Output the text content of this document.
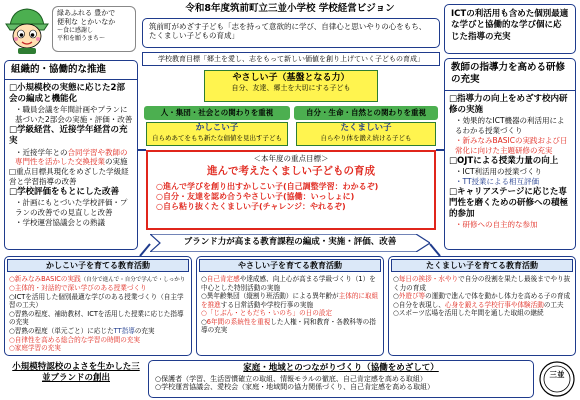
緑あふれる 豊かで
便利な とかいなか
～食に感謝し
平和を願うまち～
令和8年度筑前町立三並小学校 学校経営ビジョン
筑前町がめざす子ども「志を持って意欲的に学び、自律心と思いやりの心をもち、
たくましい子どもの育成」
組織的・協働的な推進
□小規模校の実態に応じた2部会の編成と機能化
・職員会議を年間計画やプランに基づいた2部会の実施・評価・改善
□学級経営、近接学年経営の充実
・近接学年との合同学習や教師の専門性を活かした交換授業の実施
□重点目標具現化をめざした学級経営と学習指導の改善
□学校評価をもとにした改善
・計画にもとづいた学校評価・プランの改善での見直しと改善
・学校運営協議会との熟議
ICTの利活用も含めた個別最適な学びと協働的な学び個に応じた指導の充実
教師の指導力を高める研修の充実
□指導力の向上をめざす校内研修の実施
・効果的なICT機器の利活用によるわかる授業づくり
・新みなみBASICの実践および日常化に向けた主題研修の充実
□OJTによる授業力量の向上
・ICT利活用の授業づくり
・TT授業による相互評価
□キャリアステージに応じた専門性を磨くための研修への積極的参加
・研修への自主的な参加
学校教育目標「郷土を愛し、志をもって新しい価値を創り上げていく子どもの育成」
やさしい子（基盤となる力）
自分、友達、郷土を大切にする子ども
人・集団・社会との関わりを重視	自分・生命・自然との関わりを重視
かしこい子
自らめあてをもち新たな価値を見出す子ども
たくましい子
自らやり体を鍛え続ける子ども
＜本年度の重点目標＞
進んで考えたくましい子どもの育成
○進んで学びを創り出すかしこい子(自己調整学習：わかるぞ)
○自分・友達を認め合うやさしい子(協働：いっしょに)
○自ら粘り抜くたくましい子(チャレンジ：やれるぞ)
ブランド力が高まる教育課程の編成・実施・評価、改善
かしこい子を育てる教育活動
○新みなみBASICの実践（自分で進んで・自分で学んで・しっかり
○主体的・対話的で深い学びのある授業づくり
○ICTを活用した個別最適な学びのある授業づくり（自主学習の工夫）
○習熟の程度、補助教材、ICTを活用した授業に応じた指導の充実
○習熟の程度（単元ごと）に応じたTT指導の充実
○自律性を高める総合的な学習の時間の充実
○家庭学習の充実
やさしい子を育てる教育活動
○自己肯定感や達成感、向上心が高まる学級づくり（1）を中心とした特別活動の実施
○異年齢集団（縦割り班活動）による異年齢が主体的に取組を推進する日常活動や学校行事の実施
○「じぶん・ともだち・いのち」の日の設定
○6年間の系統性を重視した人権・同和教育・各教科等の指導の充実
たくましい子を育てる教育活動
○毎日の挨拶・水やりで自分の役割を果たし最後までやり抜く力の育成
○外遊び等の運動で進んで体を動かし体力を高める子の育成
○自分を表現し、心身を鍛える学校行事や体験活動の工夫
○スポーツ広場を活用した年間を通した取組の継続
小規模特認校のよさを生かした三並ブランドの創出
家庭・地域とのつながりづくり（協働をめざして）
○保護者（学習、生活習慣確立の取組、情報モラルの徹底、自己肯定感を高める取組）
○学校運営協議会、愛校会（家庭・地域間の協力関係づくり、自己肯定感を高める取組）
三並
